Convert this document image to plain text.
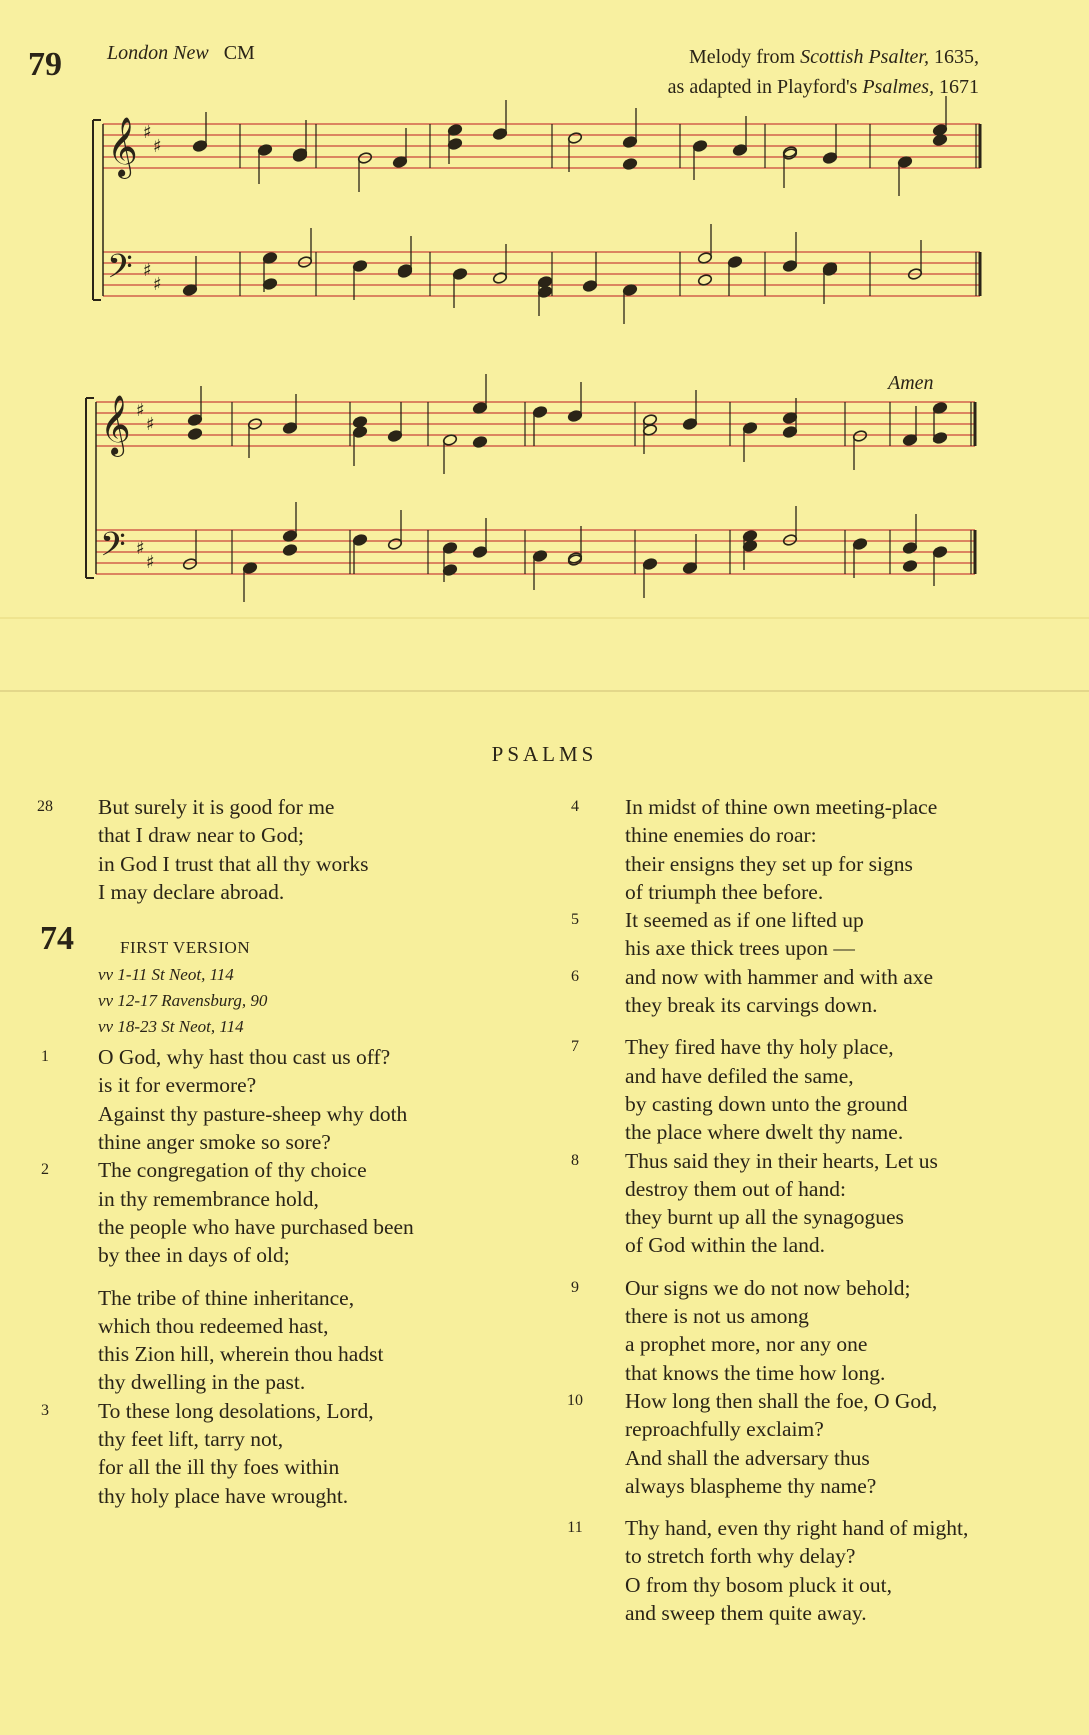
79 London New CM	Melody from Scottish Psalter, 1635,
as adapted in Playford's Psalmes, 1671
𝄞
𝄢
♯
♯
♯
♯
𝄞
𝄢
♯
♯
♯
♯
Amen
PSALMS
28	But surely it is good for me
that I draw near to God;
in God I trust that all thy works
I may declare abroad.
74	FIRST VERSION
vv 1-11 St Neot, 114
vv 12-17 Ravensburg, 90
vv 18-23 St Neot, 114
1	O God, why hast thou cast us off?
is it for evermore?
Against thy pasture-sheep why doth
thine anger smoke so sore?
2	The congregation of thy choice
in thy remembrance hold,
the people who have purchased been
by thee in days of old;
The tribe of thine inheritance,
which thou redeemed hast,
this Zion hill, wherein thou hadst
thy dwelling in the past.
3	To these long desolations, Lord,
thy feet lift, tarry not,
for all the ill thy foes within
thy holy place have wrought.
4	In midst of thine own meeting-place
thine enemies do roar:
their ensigns they set up for signs
of triumph thee before.
5	It seemed as if one lifted up
his axe thick trees upon —
6	and now with hammer and with axe
they break its carvings down.
7	They fired have thy holy place,
and have defiled the same,
by casting down unto the ground
the place where dwelt thy name.
8	Thus said they in their hearts, Let us
destroy them out of hand:
they burnt up all the synagogues
of God within the land.
9	Our signs we do not now behold;
there is not us among
a prophet more, nor any one
that knows the time how long.
10	How long then shall the foe, O God,
reproachfully exclaim?
And shall the adversary thus
always blaspheme thy name?
11	Thy hand, even thy right hand of might,
to stretch forth why delay?
O from thy bosom pluck it out,
and sweep them quite away.
